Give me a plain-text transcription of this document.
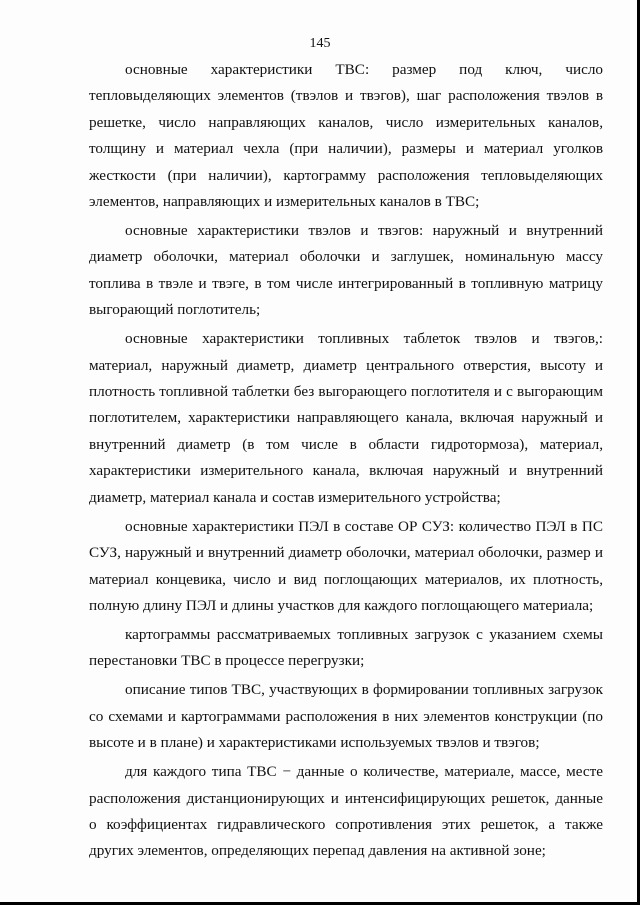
145

основные характеристики ТВС: размер под ключ, число тепловыделяющих элементов (твэлов и твэгов), шаг расположения твэлов в решетке, число направляющих каналов, число измерительных каналов, толщину и материал чехла (при наличии), размеры и материал уголков жесткости (при наличии), картограмму расположения тепловыделяющих элементов, направляющих и измерительных каналов в ТВС;

основные характеристики твэлов и твэгов: наружный и внутренний диаметр оболочки, материал оболочки и заглушек, номинальную массу топлива в твэле и твэге, в том числе интегрированный в топливную матрицу выгорающий поглотитель;

основные характеристики топливных таблеток твэлов и твэгов,: материал, наружный диаметр, диаметр центрального отверстия, высоту и плотность топливной таблетки без выгорающего поглотителя и с выгорающим поглотителем, характеристики направляющего канала, включая наружный и внутренний диаметр (в том числе в области гидротормоза), материал, характеристики измерительного канала, включая наружный и внутренний диаметр, материал канала и состав измерительного устройства;

основные характеристики ПЭЛ в составе ОР СУЗ: количество ПЭЛ в ПС СУЗ, наружный и внутренний диаметр оболочки, материал оболочки, размер и материал концевика, число и вид поглощающих материалов, их плотность, полную длину ПЭЛ и длины участков для каждого поглощающего материала;

картограммы рассматриваемых топливных загрузок с указанием схемы перестановки ТВС в процессе перегрузки;

описание типов ТВС, участвующих в формировании топливных загрузок со схемами и картограммами расположения в них элементов конструкции (по высоте и в плане) и характеристиками используемых твэлов и твэгов;

для каждого типа ТВС − данные о количестве, материале, массе, месте расположения дистанционирующих и интенсифицирующих решеток, данные о коэффициентах гидравлического сопротивления этих решеток, а также других элементов, определяющих перепад давления на активной зоне;
